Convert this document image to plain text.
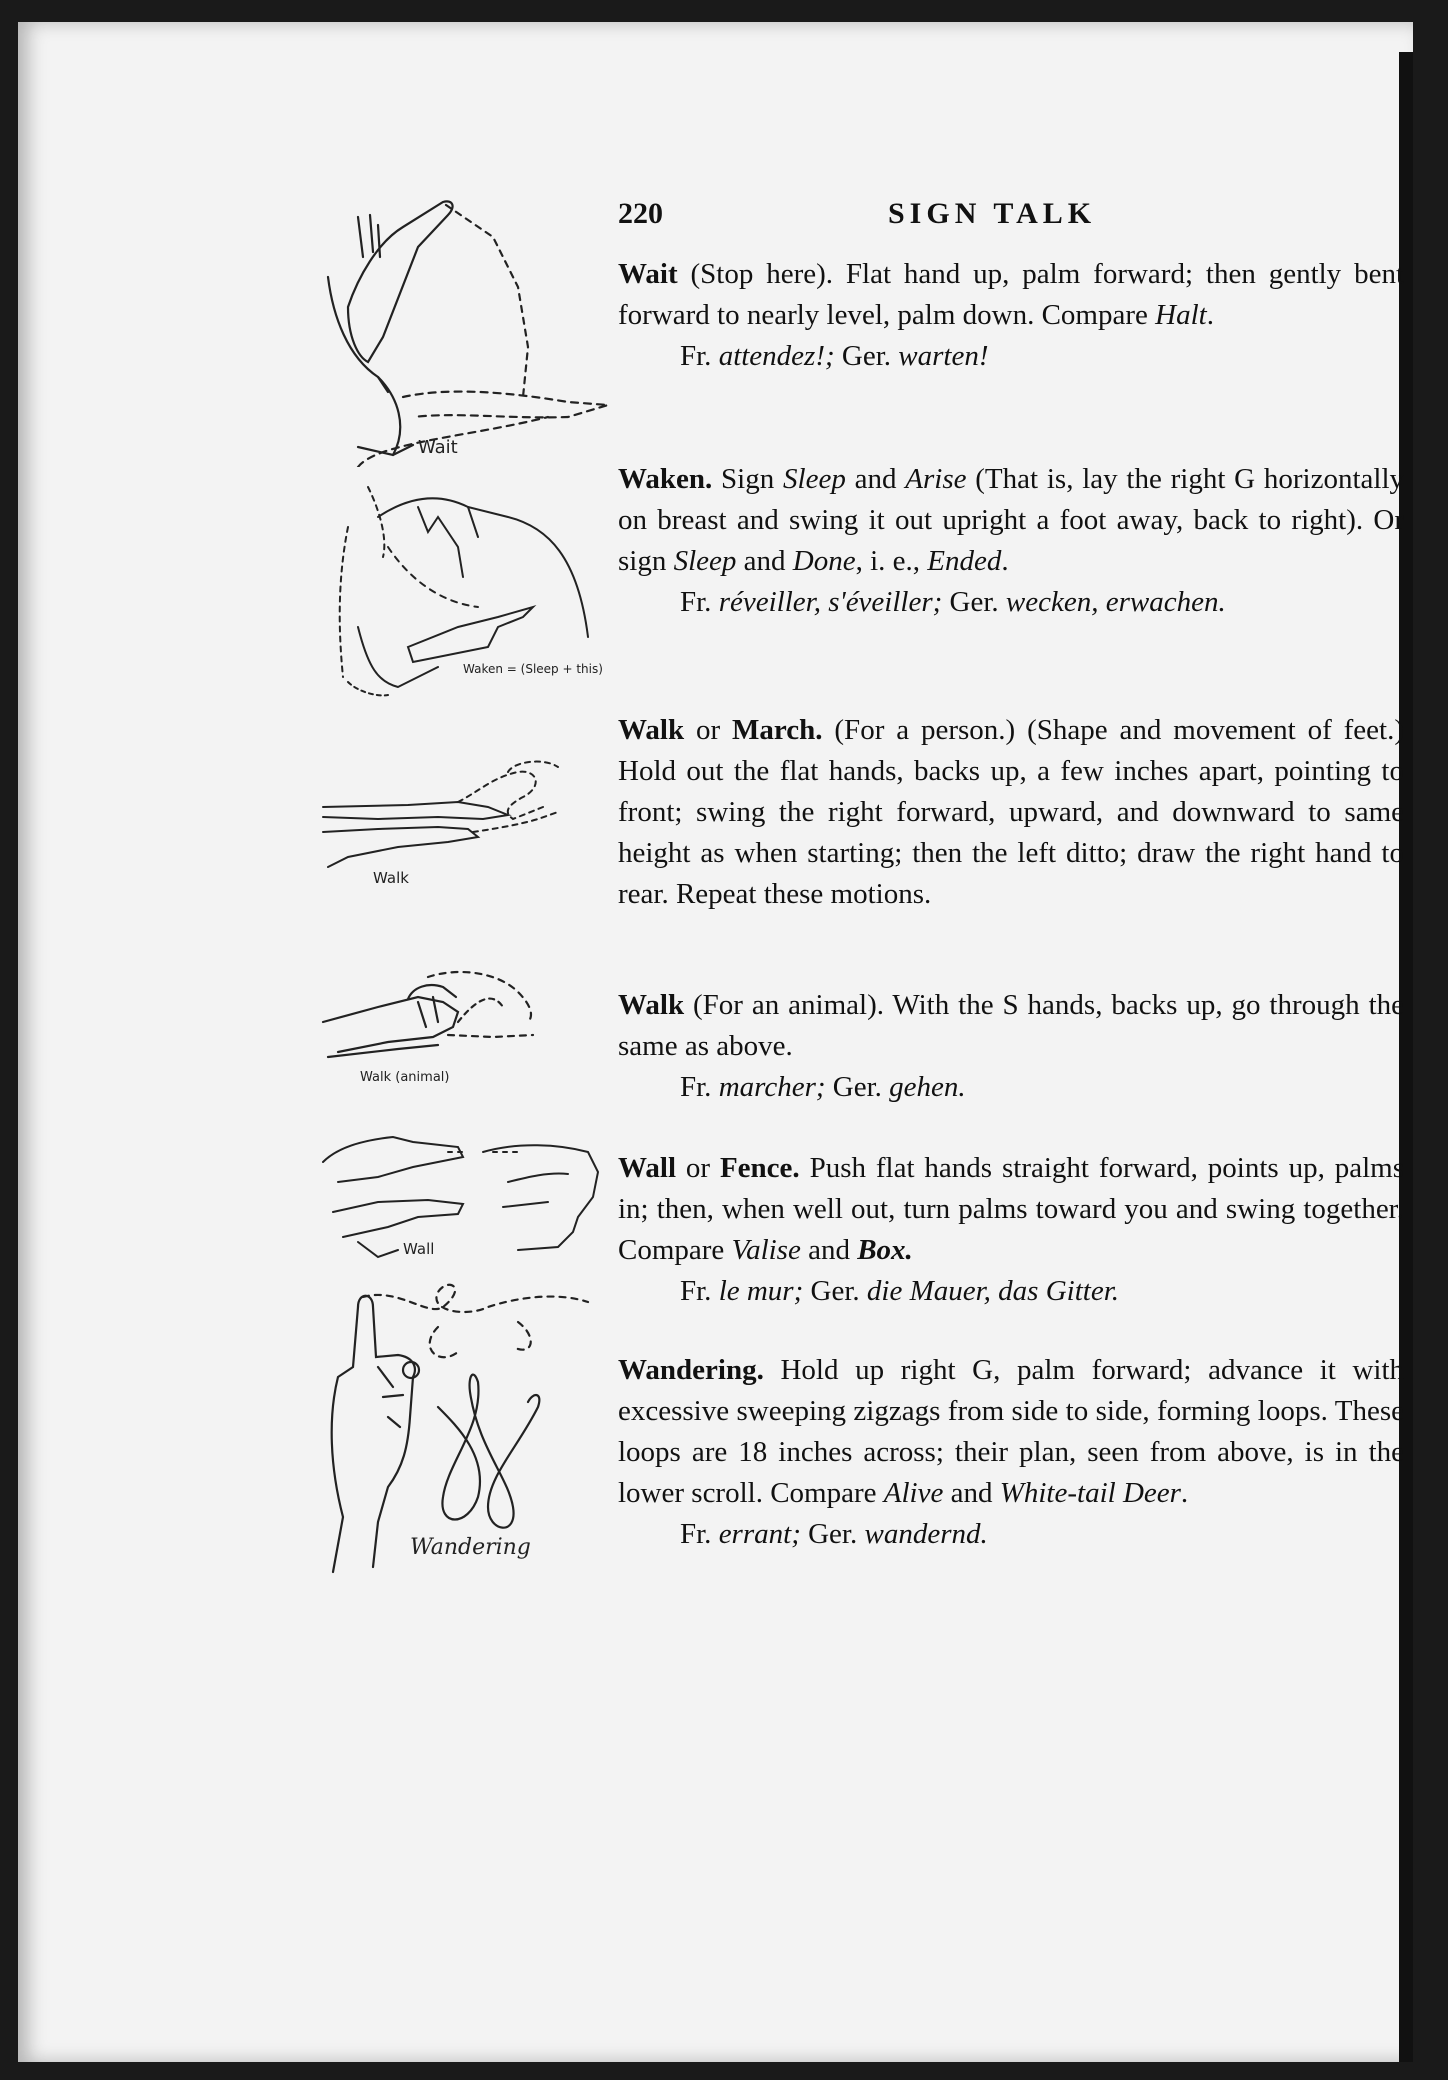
220	SIGN TALK
Wait
Waken = (Sleep + this)
Walk
Walk (animal)
Wall
Wandering

Wait (Stop here). Flat hand up, palm forward; then gently bent forward to nearly level, palm down. Compare Halt.

Fr. attendez!; Ger. warten!

Waken. Sign Sleep and Arise (That is, lay the right G horizontally on breast and swing it out upright a foot away, back to right). Or sign Sleep and Done, i. e., Ended.

Fr. réveiller, s'éveiller; Ger. wecken, erwachen.

Walk or March. (For a person.) (Shape and movement of feet.) Hold out the flat hands, backs up, a few inches apart, pointing to front; swing the right forward, upward, and downward to same height as when starting; then the left ditto; draw the right hand to rear. Repeat these motions.

Walk (For an animal). With the S hands, backs up, go through the same as above.

Fr. marcher; Ger. gehen.

Wall or Fence. Push flat hands straight forward, points up, palms in; then, when well out, turn palms toward you and swing together. Compare Valise and Box.

Fr. le mur; Ger. die Mauer, das Gitter.

Wandering. Hold up right G, palm forward; advance it with excessive sweeping zigzags from side to side, forming loops. These loops are 18 inches across; their plan, seen from above, is in the lower scroll. Compare Alive and White-tail Deer.

Fr. errant; Ger. wandernd.
